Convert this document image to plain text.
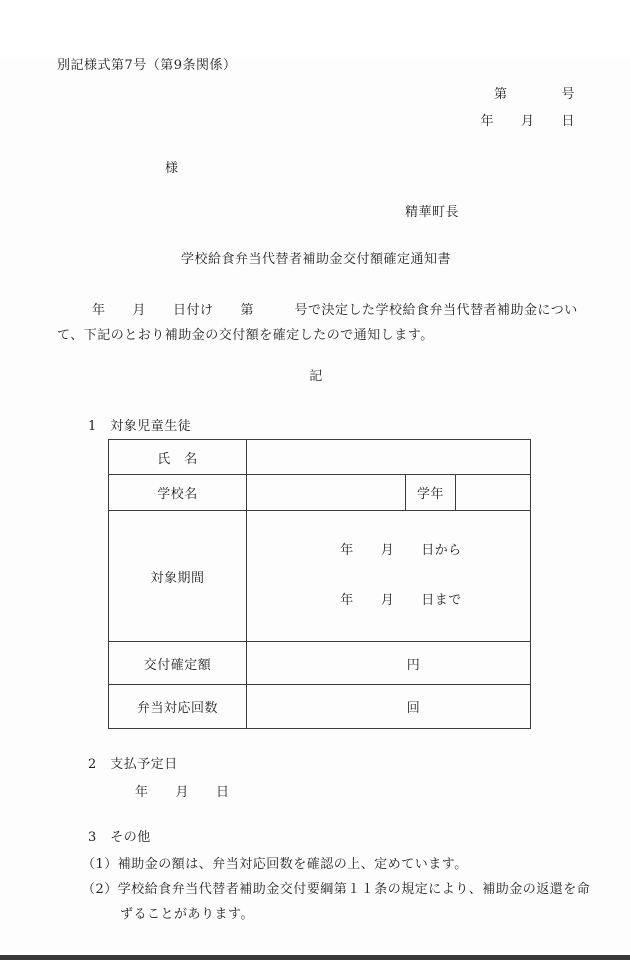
別記様式第7号（第9条関係）
第　　　　号
年　　月　　日
様
精華町長
学校給食弁当代替者補助金交付額確定通知書
年　　月　　日付け　　第　　　号で決定した学校給食弁当代替者補助金につい
て、下記のとおり補助金の交付額を確定したので通知します。
記
1　対象児童生徒
氏　名			
学校名		学年	
対象期間	年　　月　　日から

年　　月　　日まで		

交付確定額	円		
弁当対応回数	回		
2　支払予定日
年　　月　　日
3　その他
（1）補助金の額は、弁当対応回数を確認の上、定めています。
（2）学校給食弁当代替者補助金交付要綱第１１条の規定により、補助金の返還を命
ずることがあります。
